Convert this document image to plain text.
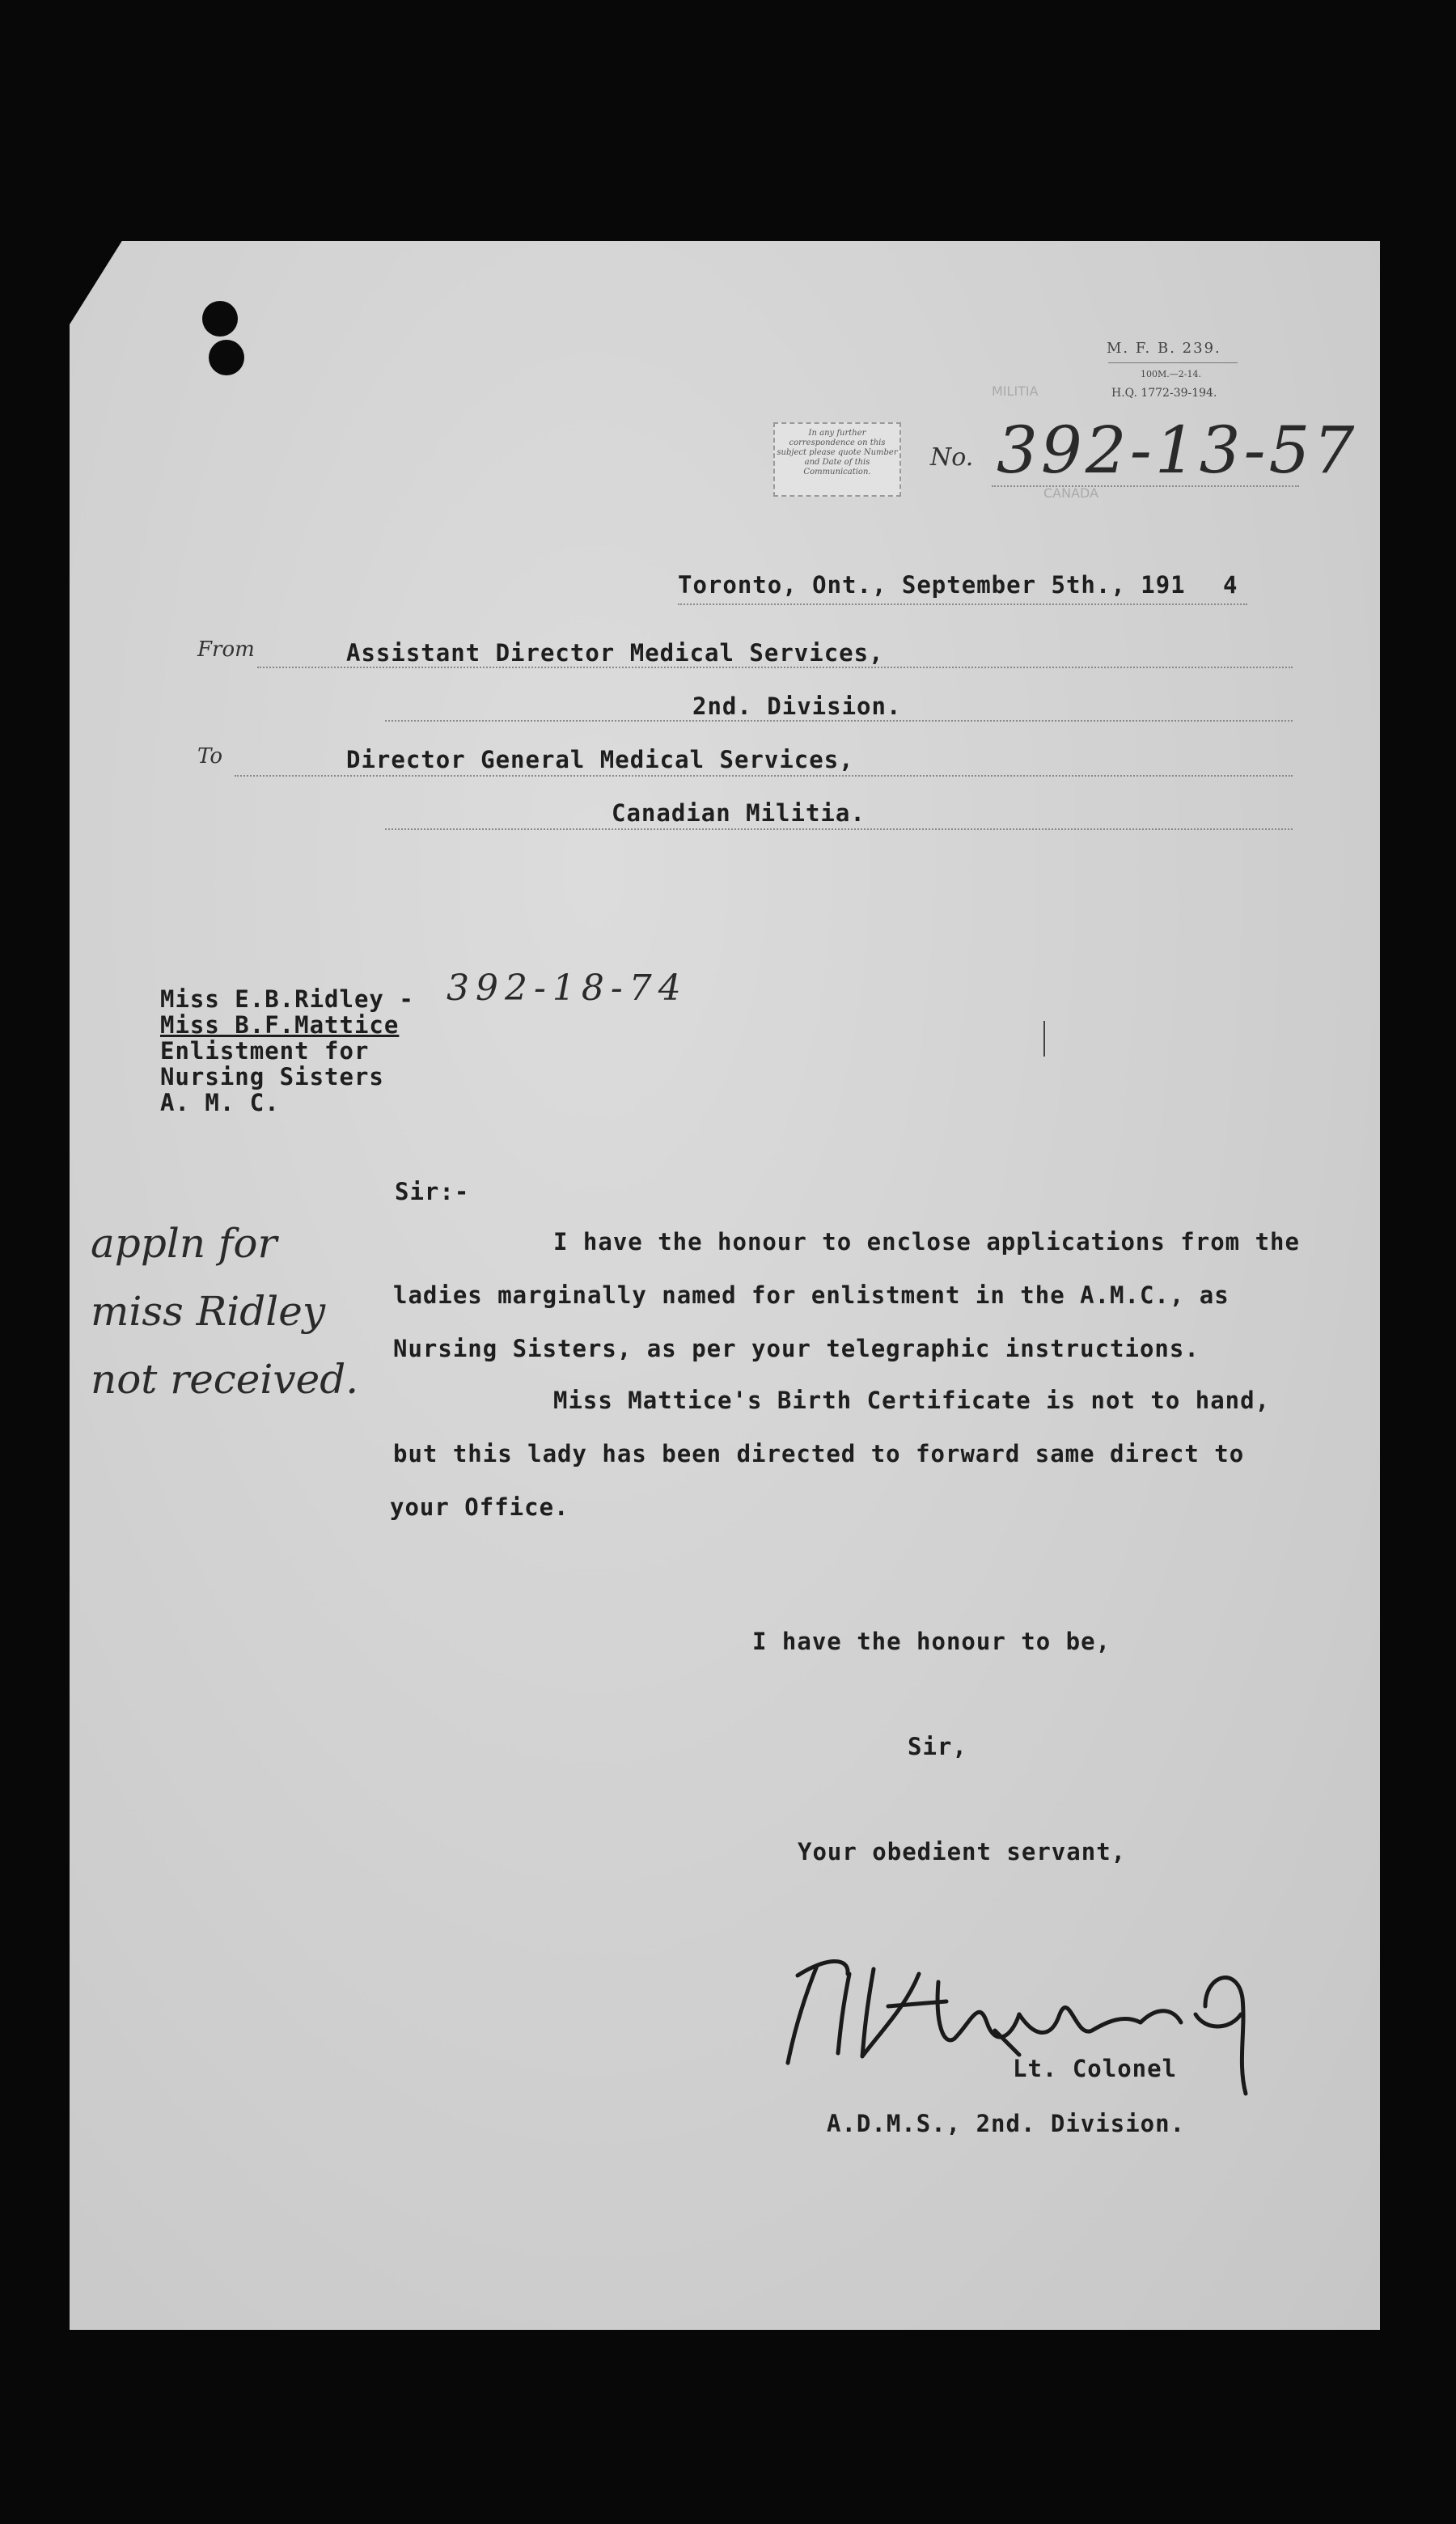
M. F. B. 239.
100M.—2-14.
H.Q. 1772-39-194.
MILITIA
CANADA
In any further correspondence on this subject please quote Number and Date of this Communication.
No. 392-13-57
Toronto, Ont., September 5th., 191 4
From	Assistant Director Medical Services,
2nd. Division.
To	Director General Medical Services,
Canadian Militia.
Miss E.B.Ridley - 392-18-74
Miss B.F.Mattice
Enlistment for
Nursing Sisters
A. M. C.
appln for
miss Ridley
not received.
Sir:-
I have the honour to enclose applications from the
ladies marginally named for enlistment in the A.M.C., as
Nursing Sisters, as per your telegraphic instructions.
Miss Mattice's Birth Certificate is not to hand,
but this lady has been directed to forward same direct to
your Office.
I have the honour to be,
Sir,
Your obedient servant,
Lt. Colonel
A.D.M.S., 2nd. Division.
